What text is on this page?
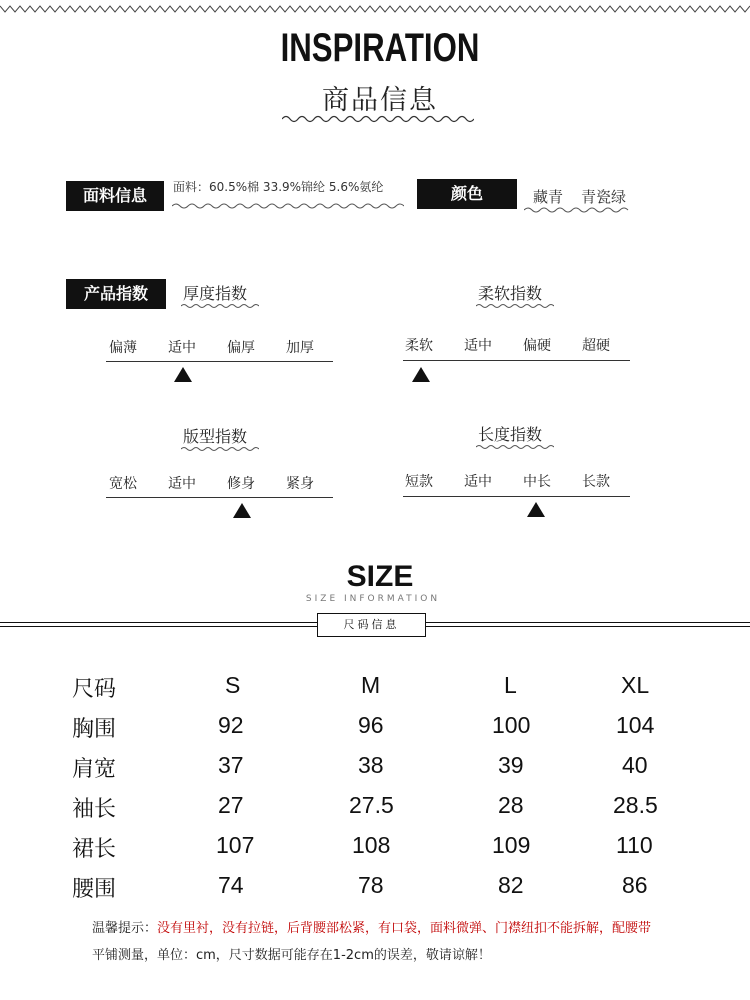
INSPIRATION
商品信息
面料信息	面料：60.5%棉 33.9%锦纶 5.6%氨纶	颜色	藏青 青瓷绿
产品指数	厚度指数
偏薄 适中 偏厚 加厚
柔软指数
柔软 适中 偏硬 超硬
版型指数
宽松 适中 修身 紧身
长度指数
短款 适中 中长 长款
SIZE
SIZE INFORMATION
尺码信息
尺码	S	M	L	XL
胸围	92	96	100	104
肩宽	37	38	39	40
袖长	27	27.5	28	28.5
裙长	107	108	109	110
腰围	74	78	82	86
温馨提示：没有里衬，没有拉链，后背腰部松紧，有口袋，面料微弹、门襟纽扣不能拆解，配腰带
平铺测量，单位：cm，尺寸数据可能存在1-2cm的误差，敬请谅解！
